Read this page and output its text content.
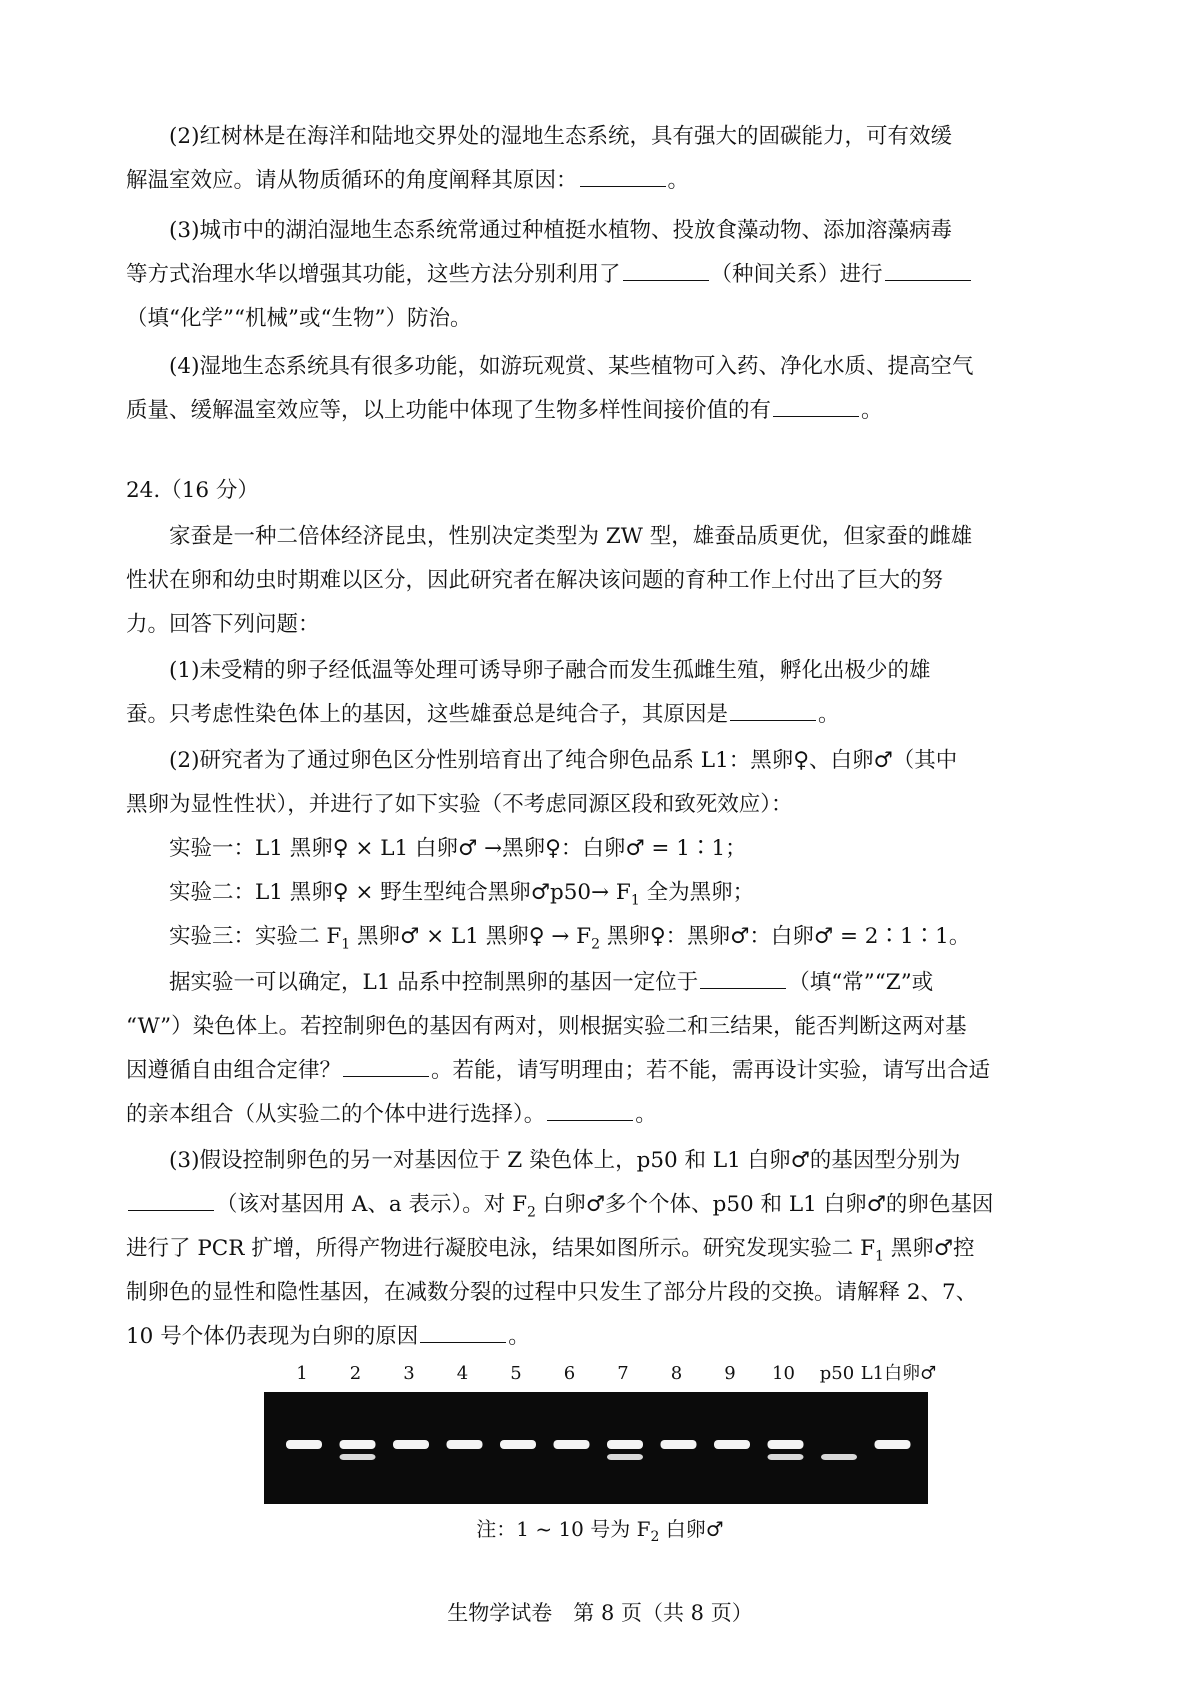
(2)红树林是在海洋和陆地交界处的湿地生态系统，具有强大的固碳能力，可有效缓
解温室效应。请从物质循环的角度阐释其原因：	。
(3)城市中的湖泊湿地生态系统常通过种植挺水植物、投放食藻动物、添加溶藻病毒
等方式治理水华以增强其功能，这些方法分别利用了	（种间关系）进行
（填“化学”“机械”或“生物”）防治。
(4)湿地生态系统具有很多功能，如游玩观赏、某些植物可入药、净化水质、提高空气
质量、缓解温室效应等，以上功能中体现了生物多样性间接价值的有	。
24.（16 分）
家蚕是一种二倍体经济昆虫，性别决定类型为 ZW 型，雄蚕品质更优，但家蚕的雌雄
性状在卵和幼虫时期难以区分，因此研究者在解决该问题的育种工作上付出了巨大的努
力。回答下列问题：
(1)未受精的卵子经低温等处理可诱导卵子融合而发生孤雌生殖，孵化出极少的雄
蚕。只考虑性染色体上的基因，这些雄蚕总是纯合子，其原因是	。
(2)研究者为了通过卵色区分性别培育出了纯合卵色品系 L1：黑卵♀、白卵♂（其中
黑卵为显性性状），并进行了如下实验（不考虑同源区段和致死效应）：
实验一：L1 黑卵♀ × L1 白卵♂ →黑卵♀：白卵♂ = 1∶1；
实验二：L1 黑卵♀ × 野生型纯合黑卵♂p50→ $F_1$ 全为黑卵；
实验三：实验二 $F_1$ 黑卵♂ × L1 黑卵♀ → $F_2$ 黑卵♀：黑卵♂：白卵♂ = 2∶1∶1。
据实验一可以确定，L1 品系中控制黑卵的基因一定位于	（填“常”“Z”或
“W”）染色体上。若控制卵色的基因有两对，则根据实验二和三结果，能否判断这两对基
因遵循自由组合定律？	。若能，请写明理由；若不能，需再设计实验，请写出合适
的亲本组合（从实验二的个体中进行选择）。	。
(3)假设控制卵色的另一对基因位于 Z 染色体上，p50 和 L1 白卵♂的基因型分别为
（该对基因用 A、a 表示）。对 $F_2$ 白卵♂多个个体、p50 和 L1 白卵♂的卵色基因
进行了 PCR 扩增，所得产物进行凝胶电泳，结果如图所示。研究发现实验二 $F_1$ 黑卵♂控
制卵色的显性和隐性基因，在减数分裂的过程中只发生了部分片段的交换。请解释 2、7、
10 号个体仍表现为白卵的原因	。
1 2 3 4 5 6 7 8 9 10 p50 L1白卵♂
注：1 ~ 10 号为 $F_2$ 白卵♂
生物学试卷　第 8 页（共 8 页）
